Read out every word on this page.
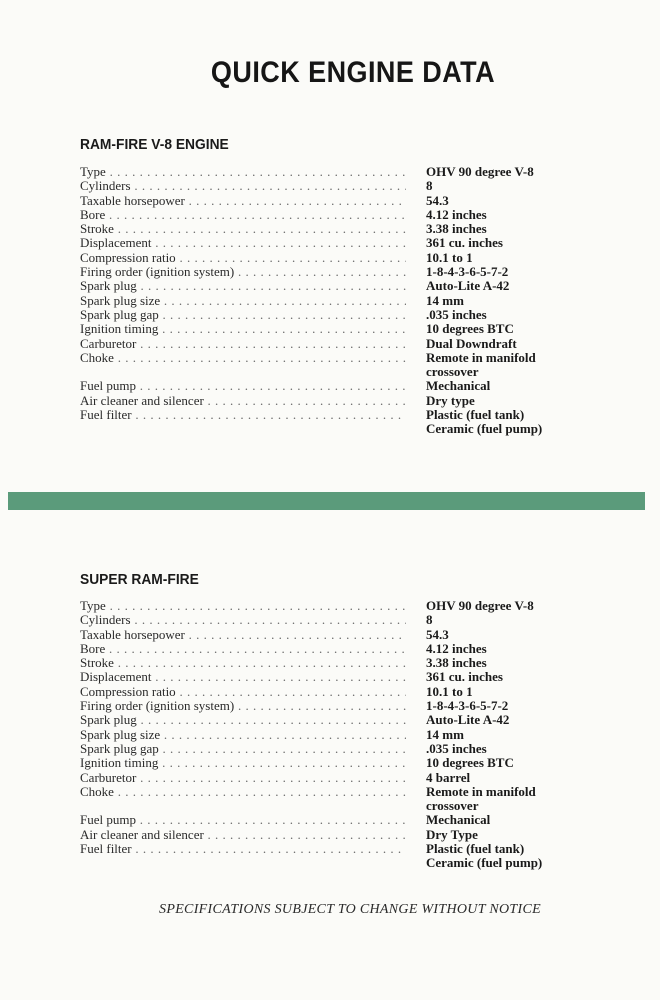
QUICK ENGINE DATA
RAM-FIRE V-8 ENGINE
Type . . .	OHV 90 degree V-8
Cylinders . . .	8
Taxable horsepower . . .	54.3
Bore . . .	4.12 inches
Stroke . . .	3.38 inches
Displacement . . .	361 cu. inches
Compression ratio . . .	10.1 to 1
Firing order (ignition system) . . .	1-8-4-3-6-5-7-2
Spark plug . . .	Auto-Lite A-42
Spark plug size . . .	14 mm
Spark plug gap . . .	.035 inches
Ignition timing . . .	10 degrees BTC
Carburetor . . .	Dual Downdraft
Choke . . .	Remote in manifold
crossover
Fuel pump . . .	Mechanical
Air cleaner and silencer . . .	Dry type
Fuel filter . . .	Plastic (fuel tank)
Ceramic (fuel pump)
SUPER RAM-FIRE
Type . . .	OHV 90 degree V-8
Cylinders . . .	8
Taxable horsepower . . .	54.3
Bore . . .	4.12 inches
Stroke . . .	3.38 inches
Displacement . . .	361 cu. inches
Compression ratio . . .	10.1 to 1
Firing order (ignition system) . . .	1-8-4-3-6-5-7-2
Spark plug . . .	Auto-Lite A-42
Spark plug size . . .	14 mm
Spark plug gap . . .	.035 inches
Ignition timing . . .	10 degrees BTC
Carburetor . . .	4 barrel
Choke . . .	Remote in manifold
crossover
Fuel pump . . .	Mechanical
Air cleaner and silencer . . .	Dry Type
Fuel filter . . .	Plastic (fuel tank)
Ceramic (fuel pump)
SPECIFICATIONS SUBJECT TO CHANGE WITHOUT NOTICE
